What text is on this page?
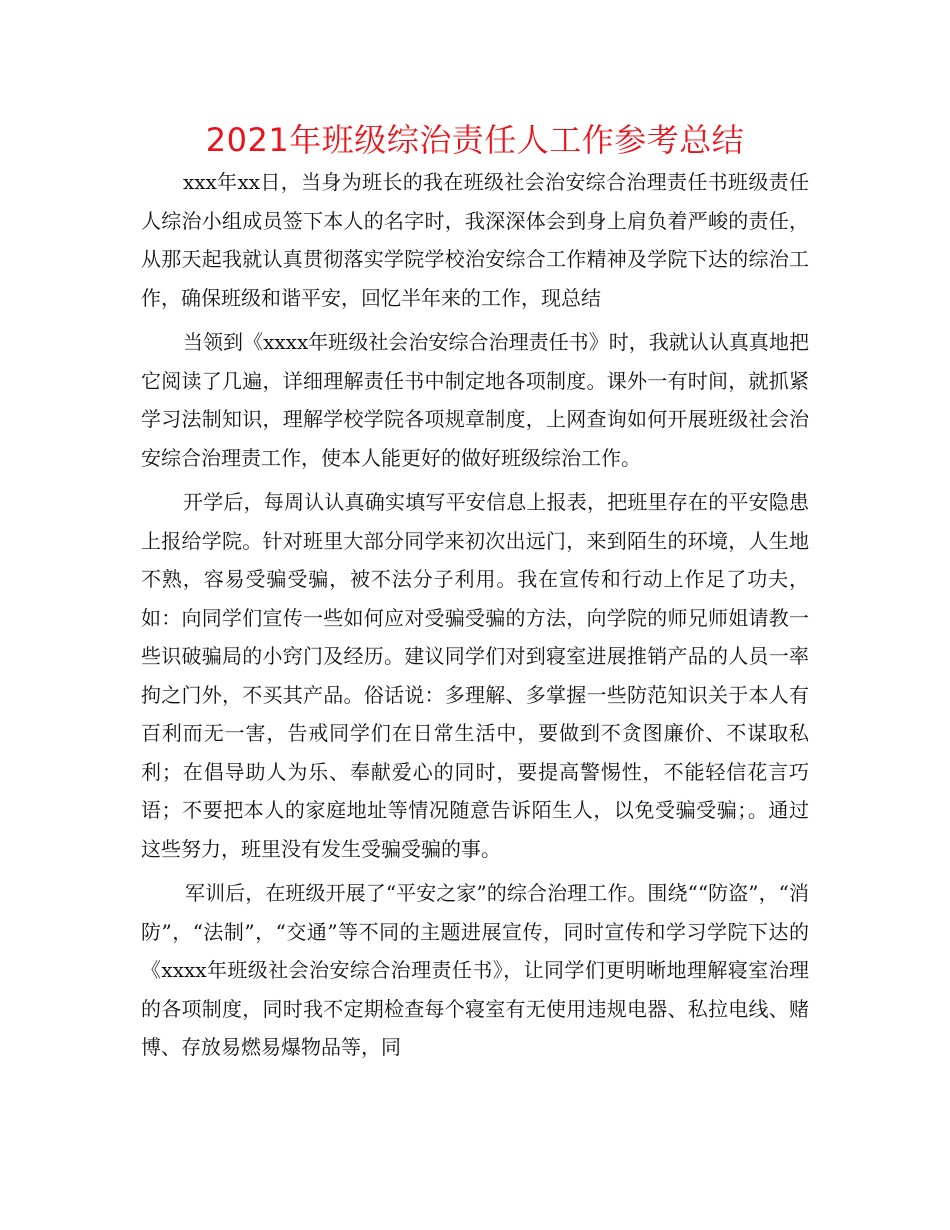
2021年班级综治责任人工作参考总结

xxx年xx日，当身为班长的我在班级社会治安综合治理责任书班级责任人综治小组成员签下本人的名字时，我深深体会到身上肩负着严峻的责任，从那天起我就认真贯彻落实学院学校治安综合工作精神及学院下达的综治工作，确保班级和谐平安，回忆半年来的工作，现总结

当领到《xxxx年班级社会治安综合治理责任书》时，我就认认真真地把它阅读了几遍，详细理解责任书中制定地各项制度。课外一有时间，就抓紧学习法制知识，理解学校学院各项规章制度，上网查询如何开展班级社会治安综合治理责工作，使本人能更好的做好班级综治工作。

开学后，每周认认真确实填写平安信息上报表，把班里存在的平安隐患上报给学院。针对班里大部分同学来初次出远门，来到陌生的环境，人生地不熟，容易受骗受骗，被不法分子利用。我在宣传和行动上作足了功夫，如：向同学们宣传一些如何应对受骗受骗的方法，向学院的师兄师姐请教一些识破骗局的小窍门及经历。建议同学们对到寝室进展推销产品的人员一率拘之门外，不买其产品。俗话说：多理解、多掌握一些防范知识关于本人有百利而无一害，告戒同学们在日常生活中，要做到不贪图廉价、不谋取私利；在倡导助人为乐、奉献爱心的同时，要提高警惕性，不能轻信花言巧语；不要把本人的家庭地址等情况随意告诉陌生人，以免受骗受骗；。通过这些努力，班里没有发生受骗受骗的事。

军训后，在班级开展了“平安之家”的综合治理工作。围绕““防盗”，“消防”，“法制”，“交通”等不同的主题进展宣传，同时宣传和学习学院下达的《xxxx年班级社会治安综合治理责任书》，让同学们更明晰地理解寝室治理的各项制度，同时我不定期检查每个寝室有无使用违规电器、私拉电线、赌博、存放易燃易爆物品等，同
